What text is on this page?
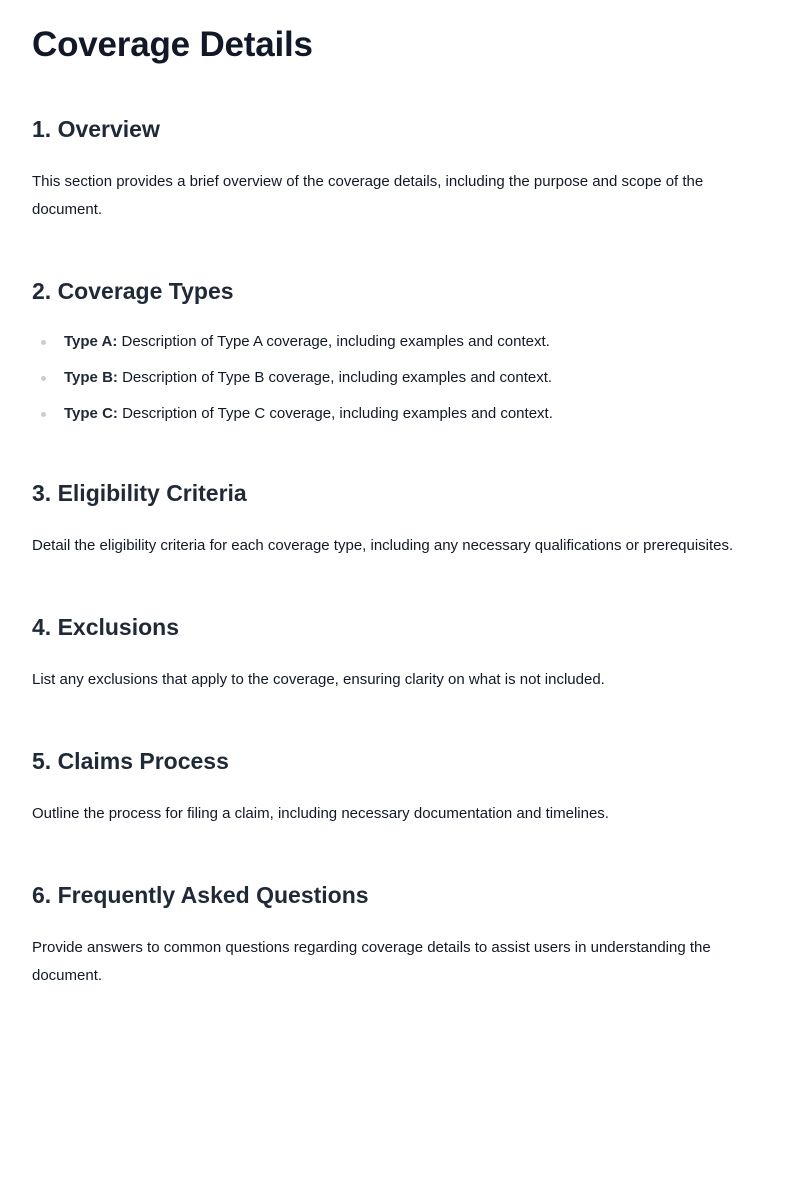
Coverage Details
1. Overview

This section provides a brief overview of the coverage details, including the purpose and scope of the document.

2. Coverage Types
Type A: Description of Type A coverage, including examples and context.
Type B: Description of Type B coverage, including examples and context.
Type C: Description of Type C coverage, including examples and context.
3. Eligibility Criteria

Detail the eligibility criteria for each coverage type, including any necessary qualifications or prerequisites.

4. Exclusions

List any exclusions that apply to the coverage, ensuring clarity on what is not included.

5. Claims Process

Outline the process for filing a claim, including necessary documentation and timelines.

6. Frequently Asked Questions

Provide answers to common questions regarding coverage details to assist users in understanding the document.
